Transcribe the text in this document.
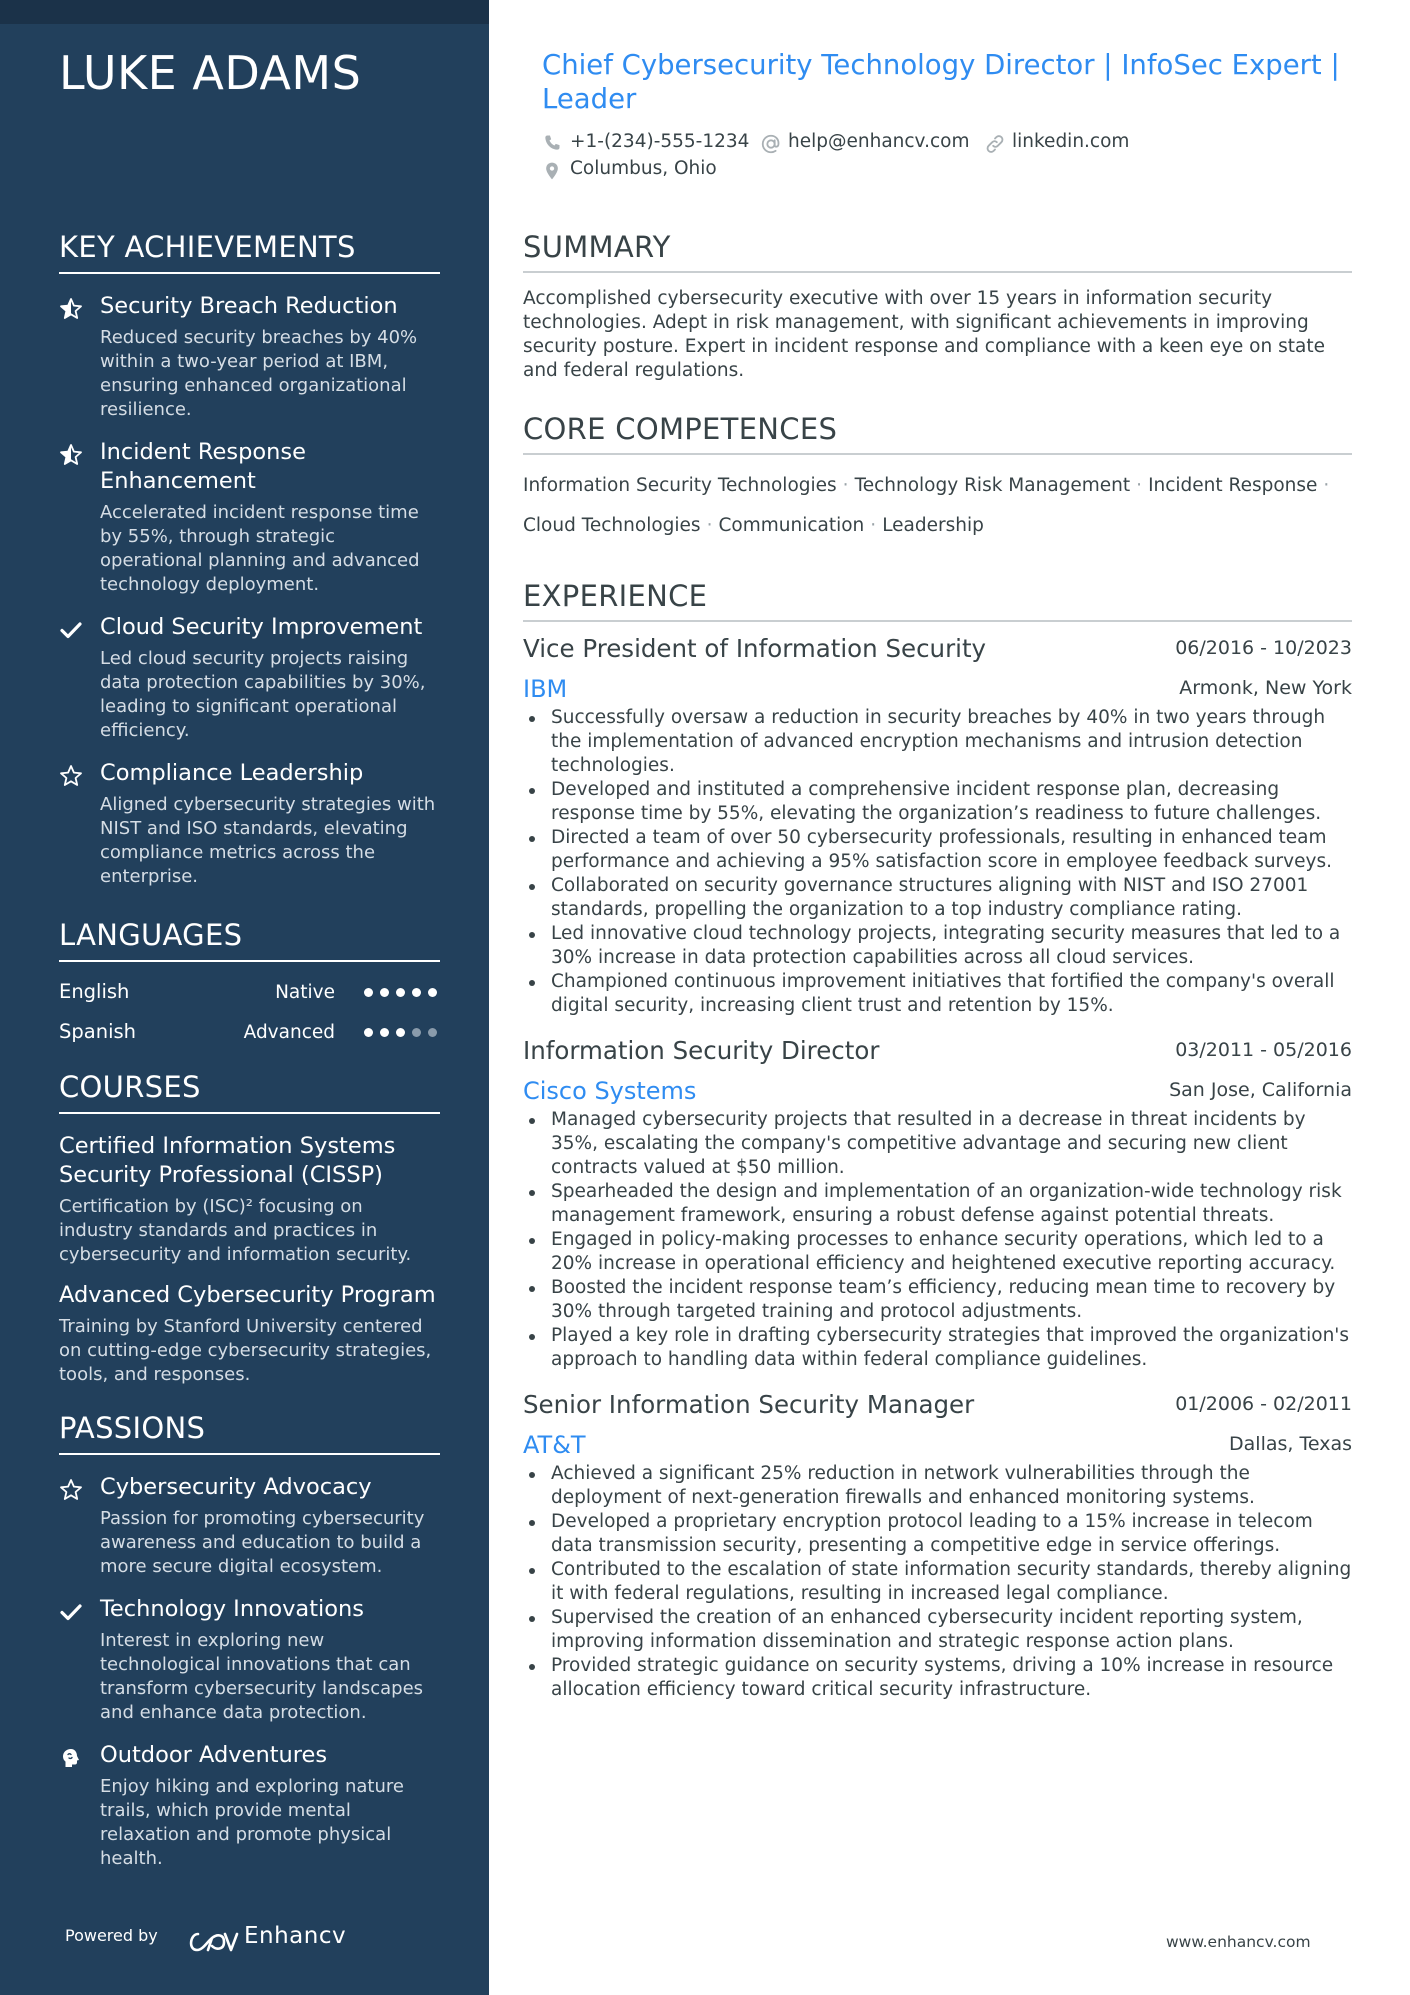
LUKE ADAMS
KEY ACHIEVEMENTS
Security Breach Reduction
Reduced security breaches by 40% within a two-year period at IBM, ensuring enhanced organizational resilience.
Incident Response Enhancement
Accelerated incident response time by 55%, through strategic operational planning and advanced technology deployment.
Cloud Security Improvement
Led cloud security projects raising data protection capabilities by 30%, leading to significant operational efficiency.
Compliance Leadership
Aligned cybersecurity strategies with NIST and ISO standards, elevating compliance metrics across the enterprise.
LANGUAGES
English	Native
Spanish	Advanced
COURSES
Certified Information Systems Security Professional (CISSP)
Certification by (ISC)² focusing on industry standards and practices in cybersecurity and information security.
Advanced Cybersecurity Program
Training by Stanford University centered on cutting-edge cybersecurity strategies, tools, and responses.
PASSIONS
Cybersecurity Advocacy
Passion for promoting cybersecurity awareness and education to build a more secure digital ecosystem.
Technology Innovations
Interest in exploring new technological innovations that can transform cybersecurity landscapes and enhance data protection.
Outdoor Adventures
Enjoy hiking and exploring nature trails, which provide mental relaxation and promote physical health.
Powered by	Enhancv
Chief Cybersecurity Technology Director | InfoSec Expert | Leader
+1-(234)-555-1234	help@enhancv.com	linkedin.com
Columbus, Ohio
SUMMARY
Accomplished cybersecurity executive with over 15 years in information security technologies. Adept in risk management, with significant achievements in improving security posture. Expert in incident response and compliance with a keen eye on state and federal regulations.
CORE COMPETENCES
Information Security Technologies · Technology Risk Management · Incident Response ·
Cloud Technologies · Communication · Leadership
EXPERIENCE
Vice President of Information Security	06/2016 - 10/2023
IBM	Armonk, New York
Successfully oversaw a reduction in security breaches by 40% in two years through the implementation of advanced encryption mechanisms and intrusion detection technologies.
Developed and instituted a comprehensive incident response plan, decreasing response time by 55%, elevating the organization’s readiness to future challenges.
Directed a team of over 50 cybersecurity professionals, resulting in enhanced team performance and achieving a 95% satisfaction score in employee feedback surveys.
Collaborated on security governance structures aligning with NIST and ISO 27001 standards, propelling the organization to a top industry compliance rating.
Led innovative cloud technology projects, integrating security measures that led to a 30% increase in data protection capabilities across all cloud services.
Championed continuous improvement initiatives that fortified the company's overall digital security, increasing client trust and retention by 15%.
Information Security Director	03/2011 - 05/2016
Cisco Systems	San Jose, California
Managed cybersecurity projects that resulted in a decrease in threat incidents by 35%, escalating the company's competitive advantage and securing new client contracts valued at $50 million.
Spearheaded the design and implementation of an organization-wide technology risk management framework, ensuring a robust defense against potential threats.
Engaged in policy-making processes to enhance security operations, which led to a 20% increase in operational efficiency and heightened executive reporting accuracy.
Boosted the incident response team’s efficiency, reducing mean time to recovery by 30% through targeted training and protocol adjustments.
Played a key role in drafting cybersecurity strategies that improved the organization's approach to handling data within federal compliance guidelines.
Senior Information Security Manager	01/2006 - 02/2011
AT&T	Dallas, Texas
Achieved a significant 25% reduction in network vulnerabilities through the deployment of next-generation firewalls and enhanced monitoring systems.
Developed a proprietary encryption protocol leading to a 15% increase in telecom data transmission security, presenting a competitive edge in service offerings.
Contributed to the escalation of state information security standards, thereby aligning it with federal regulations, resulting in increased legal compliance.
Supervised the creation of an enhanced cybersecurity incident reporting system, improving information dissemination and strategic response action plans.
Provided strategic guidance on security systems, driving a 10% increase in resource allocation efficiency toward critical security infrastructure.
www.enhancv.com
